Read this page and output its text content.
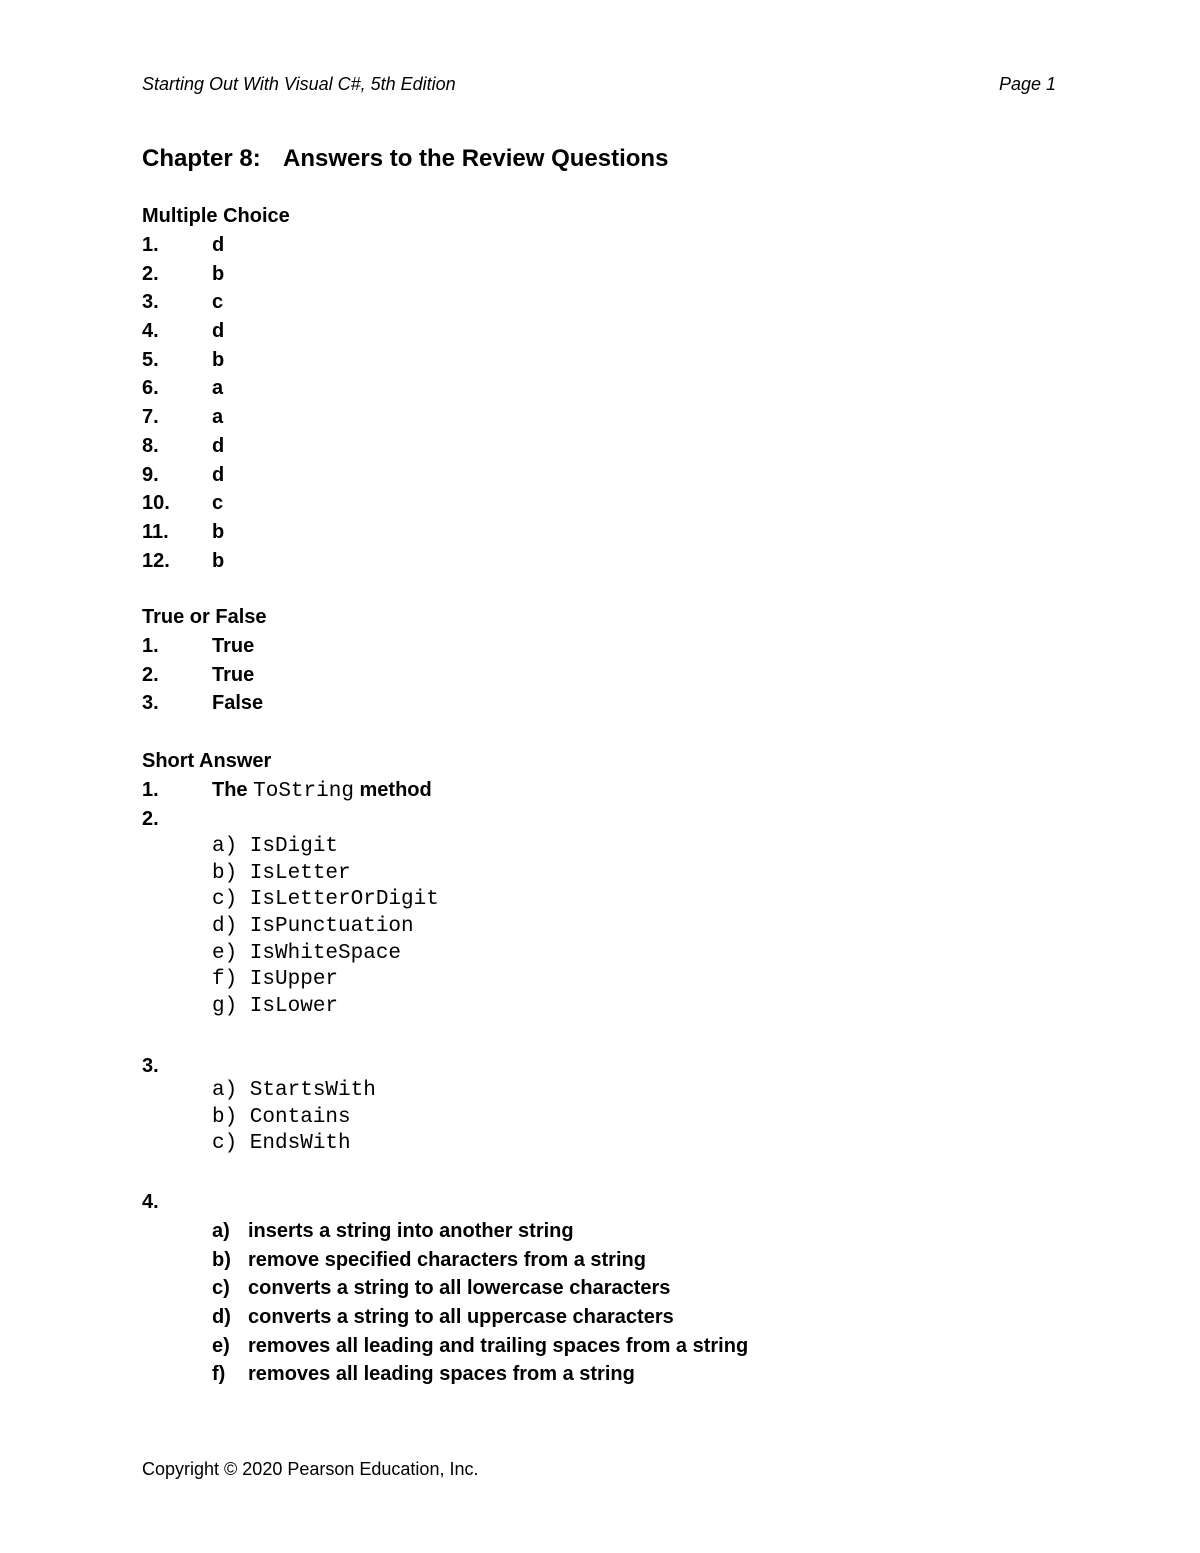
Starting Out With Visual C#, 5th Edition	Page 1
Chapter 8: Answers to the Review Questions
Multiple Choice
1.	d
2.	b
3.	c
4.	d
5.	b
6.	a
7.	a
8.	d
9.	d
10. c
11. b
12. b
True or False
1.	True
2.	True
3.	False
Short Answer
1.	The ToString method
2.
a) IsDigit
b) IsLetter
c) IsLetterOrDigit
d) IsPunctuation
e) IsWhiteSpace
f) IsUpper
g) IsLower
3.
a) StartsWith
b) Contains
c) EndsWith
4.
a) inserts a string into another string
b) remove specified characters from a string
c) converts a string to all lowercase characters
d) converts a string to all uppercase characters
e) removes all leading and trailing spaces from a string
f) removes all leading spaces from a string
Copyright © 2020 Pearson Education, Inc.
